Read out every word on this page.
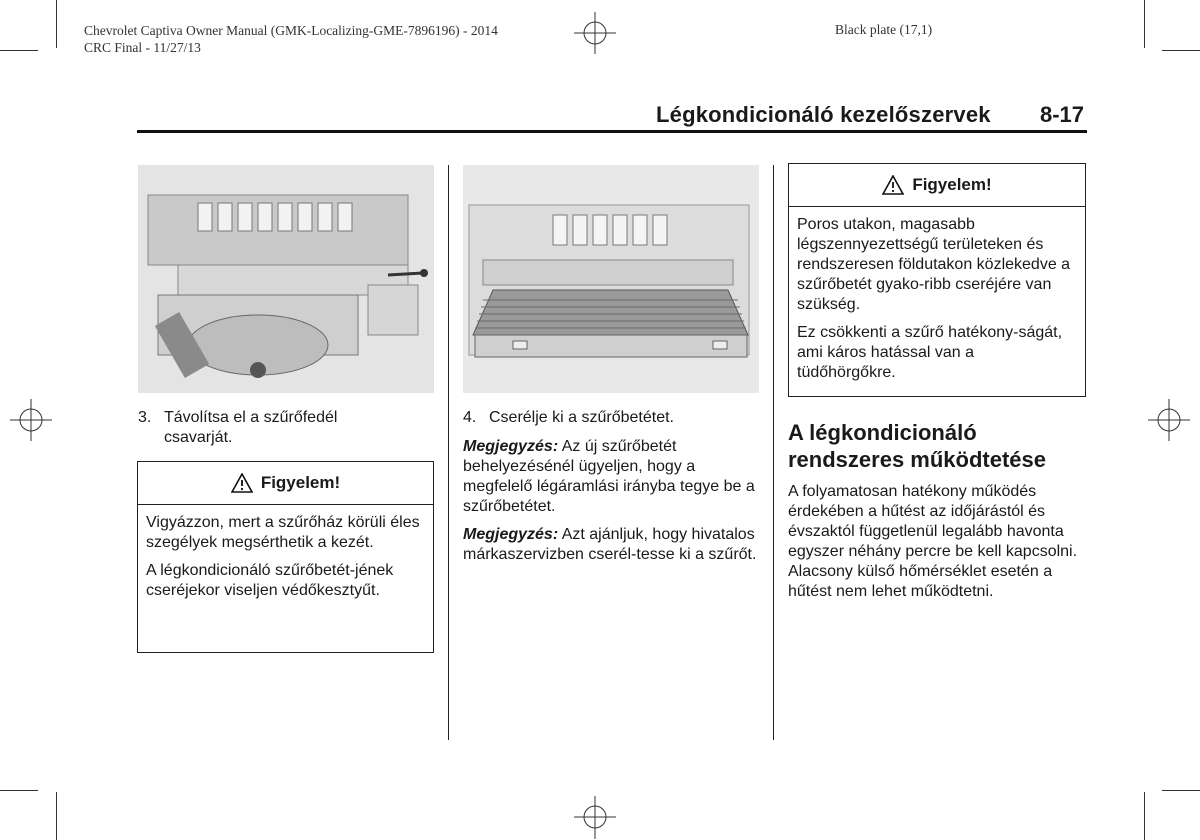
Chevrolet Captiva Owner Manual (GMK-Localizing-GME-7896196) - 2014
CRC Final - 11/27/13
Black plate (17,1)
Légkondicionáló kezelőszervek 8-17
3. Távolítsa el a szűrőfedél
csavarját.
Figyelem!

Vigyázzon, mert a szűrőház körüli éles szegélyek megsérthetik a kezét.

A légkondicionáló szűrőbetét-jének cseréjekor viseljen védőkesztyűt.

4. Cserélje ki a szűrőbetétet.

Megjegyzés: Az új szűrőbetét behelyezésénél ügyeljen, hogy a megfelelő légáramlási irányba tegye be a szűrőbetétet.

Megjegyzés: Azt ajánljuk, hogy hivatalos márkaszervizben cserél-tesse ki a szűrőt.

Figyelem!

Poros utakon, magasabb légszennyezettségű területeken és rendszeresen földutakon közlekedve a szűrőbetét gyako-ribb cseréjére van szükség.

Ez csökkenti a szűrő hatékony-ságát, ami káros hatással van a tüdőhörgőkre.

A légkondicionáló rendszeres működtetése
A folyamatosan hatékony működés érdekében a hűtést az időjárástól és évszaktól függetlenül legalább havonta egyszer néhány percre be kell kapcsolni. Alacsony külső hőmérséklet esetén a hűtést nem lehet működtetni.
